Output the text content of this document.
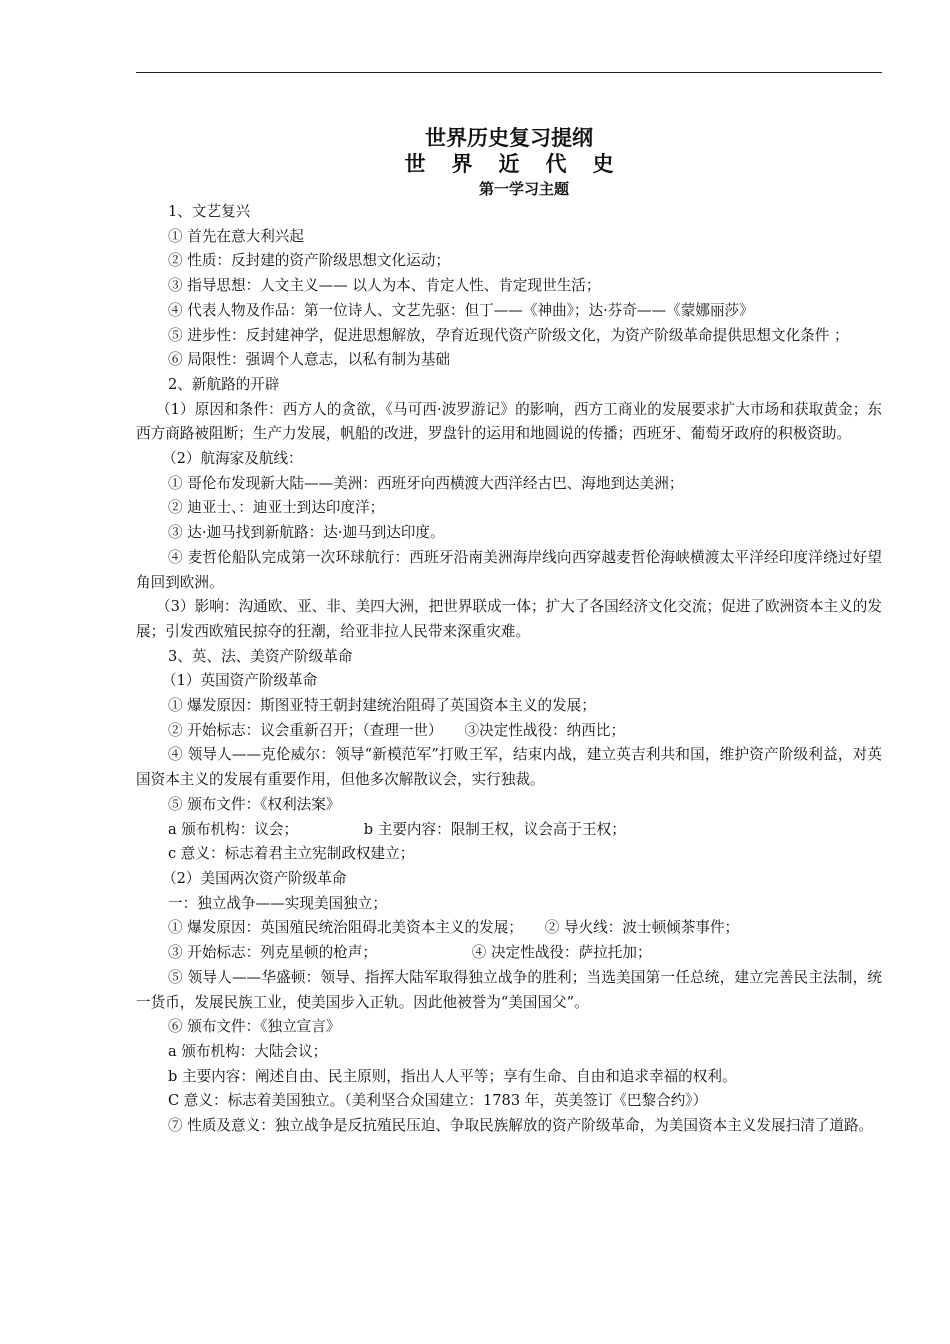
世界历史复习提纲
世界近代史
第一学习主题

1、文艺复兴

① 首先在意大利兴起

② 性质：反封建的资产阶级思想文化运动；

③ 指导思想：人文主义—— 以人为本、肯定人性、肯定现世生活；

④ 代表人物及作品：第一位诗人、文艺先驱：但丁——《神曲》；达·芬奇——《蒙娜丽莎》

⑤ 进步性：反封建神学，促进思想解放，孕育近现代资产阶级文化，为资产阶级革命提供思想文化条件 ；

⑥ 局限性：强调个人意志，以私有制为基础

2、新航路的开辟

（1）原因和条件：西方人的贪欲，《马可西·波罗游记》的影响，西方工商业的发展要求扩大市场和获取黄金；东西方商路被阻断；生产力发展，帆船的改进，罗盘针的运用和地圆说的传播；西班牙、葡萄牙政府的积极资助。

（2）航海家及航线：

① 哥伦布发现新大陆——美洲：西班牙向西横渡大西洋经古巴、海地到达美洲；

② 迪亚士、：迪亚士到达印度洋；

③ 达·迦马找到新航路：达·迦马到达印度。

④ 麦哲伦船队完成第一次环球航行：西班牙沿南美洲海岸线向西穿越麦哲伦海峡横渡太平洋经印度洋绕过好望角回到欧洲。

（3）影响：沟通欧、亚、非、美四大洲，把世界联成一体；扩大了各国经济文化交流；促进了欧洲资本主义的发展；引发西欧殖民掠夺的狂潮，给亚非拉人民带来深重灾难。

3、英、法、美资产阶级革命

（1）英国资产阶级革命

① 爆发原因：斯图亚特王朝封建统治阻碍了英国资本主义的发展；

② 开始标志：议会重新召开；（查理一世）　　③决定性战役：纳西比；

④ 领导人——克伦威尔：领导“新模范军”打败王军，结束内战，建立英吉利共和国，维护资产阶级利益，对英国资本主义的发展有重要作用，但他多次解散议会，实行独裁。

⑤ 颁布文件：《权利法案》

a 颁布机构：议会；　　　　　b 主要内容：限制王权，议会高于王权；

c 意义：标志着君主立宪制政权建立；

（2）美国两次资产阶级革命

一：独立战争——实现美国独立；

① 爆发原因：英国殖民统治阻碍北美资本主义的发展；　　② 导火线：波士顿倾茶事件；

③ 开始标志：列克星顿的枪声；　　　　　　　④ 决定性战役：萨拉托加；

⑤ 领导人——华盛顿：领导、指挥大陆军取得独立战争的胜利；当选美国第一任总统，建立完善民主法制，统一货币，发展民族工业，使美国步入正轨。因此他被誉为“美国国父”。

⑥ 颁布文件：《独立宣言》

a 颁布机构：大陆会议；

b 主要内容：阐述自由、民主原则，指出人人平等；享有生命、自由和追求幸福的权利。

C 意义：标志着美国独立。（美利坚合众国建立：1783 年，英美签订《巴黎合约》）

⑦ 性质及意义：独立战争是反抗殖民压迫、争取民族解放的资产阶级革命，为美国资本主义发展扫清了道路。
